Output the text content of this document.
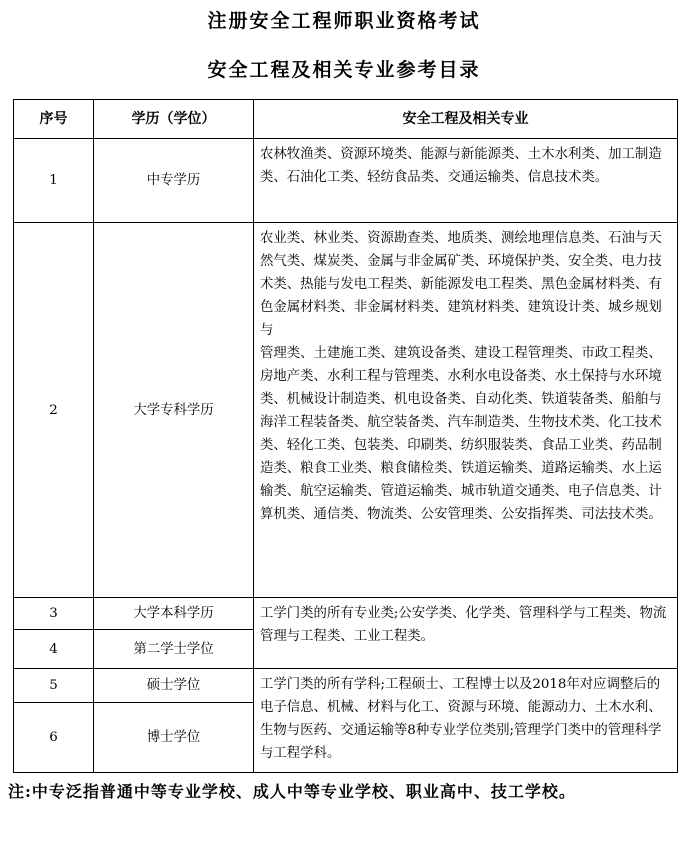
注册安全工程师职业资格考试
安全工程及相关专业参考目录
序号	学历（学位）	安全工程及相关专业
1	中专学历	农林牧渔类、资源环境类、能源与新能源类、土木水利类、加工制造类、石油化工类、轻纺食品类、交通运输类、信息技术类。
2	大学专科学历	农业类、林业类、资源勘查类、地质类、测绘地理信息类、石油与天然气类、煤炭类、金属与非金属矿类、环境保护类、安全类、电力技术类、热能与发电工程类、新能源发电工程类、黑色金属材料类、有色金属材料类、非金属材料类、建筑材料类、建筑设计类、城乡规划与
管理类、土建施工类、建筑设备类、建设工程管理类、市政工程类、房地产类、水利工程与管理类、水利水电设备类、水土保持与水环境类、机械设计制造类、机电设备类、自动化类、铁道装备类、船舶与海洋工程装备类、航空装备类、汽车制造类、生物技术类、化工技术类、轻化工类、包装类、印刷类、纺织服装类、食品工业类、药品制造类、粮食工业类、粮食储检类、铁道运输类、道路运输类、水上运输类、航空运输类、管道运输类、城市轨道交通类、电子信息类、计算机类、通信类、物流类、公安管理类、公安指挥类、司法技术类。
3	大学本科学历	工学门类的所有专业类;公安学类、化学类、管理科学与工程类、物流管理与工程类、工业工程类。
4	第二学士学位	
5	硕士学位	工学门类的所有学科;工程硕士、工程博士以及2018年对应调整后的电子信息、机械、材料与化工、资源与环境、能源动力、土木水利、生物与医药、交通运输等8种专业学位类别;管理学门类中的管理科学与工程学科。
6	博士学位	
注:中专泛指普通中等专业学校、成人中等专业学校、职业高中、技工学校。
